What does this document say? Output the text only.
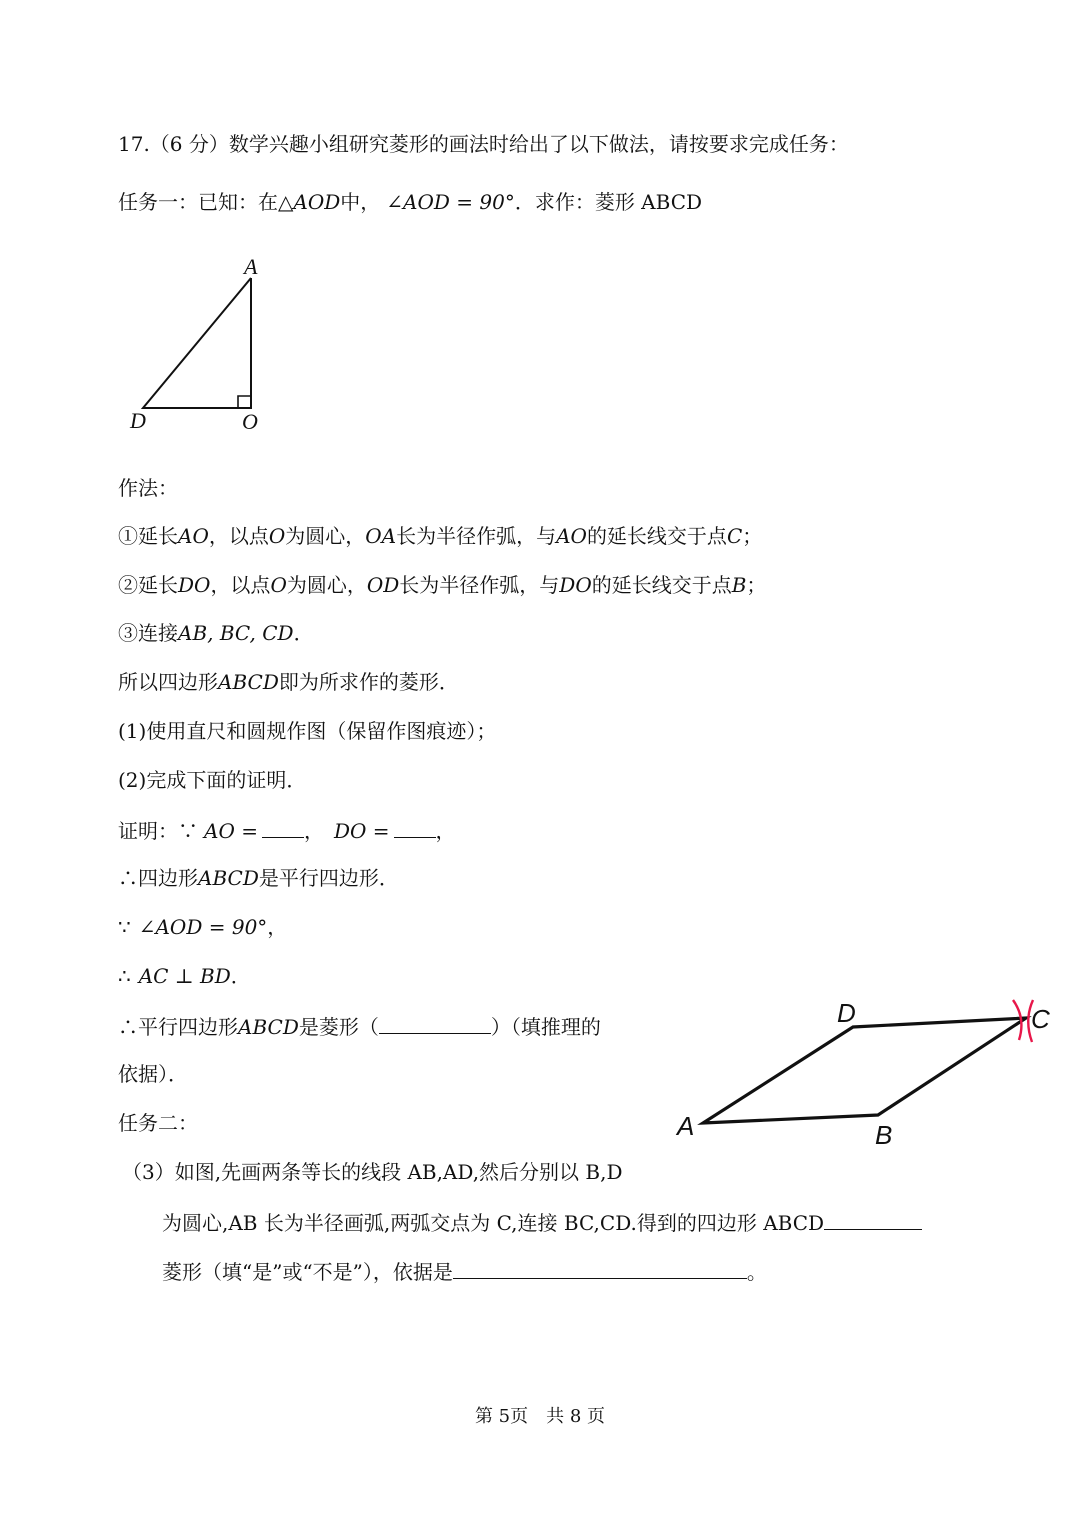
17.（6 分）数学兴趣小组研究菱形的画法时给出了以下做法，请按要求完成任务：
任务一：已知：在△AOD中， ∠AOD = 90°．求作：菱形 ABCD
A
D	O
作法：
①延长AO，以点O为圆心，OA长为半径作弧，与AO的延长线交于点C；
②延长DO，以点O为圆心，OD长为半径作弧，与DO的延长线交于点B；
③连接AB, BC, CD．
所以四边形ABCD即为所求作的菱形．
(1)使用直尺和圆规作图（保留作图痕迹）；
(2)完成下面的证明．
证明：∵ AO = ， DO = ，
∴四边形ABCD是平行四边形．
∵ ∠AOD = 90°，
∴ AC ⊥ BD．
∴平行四边形ABCD是菱形（	）（填推理的
依据）．
任务二：
（3）如图,先画两条等长的线段 AB,AD,然后分别以 B,D
为圆心,AB 长为半径画弧,两弧交点为 C,连接 BC,CD.得到的四边形 ABCD
菱形（填“是”或“不是”），依据是	。
A	B
C
D
第 5页　共 8 页
